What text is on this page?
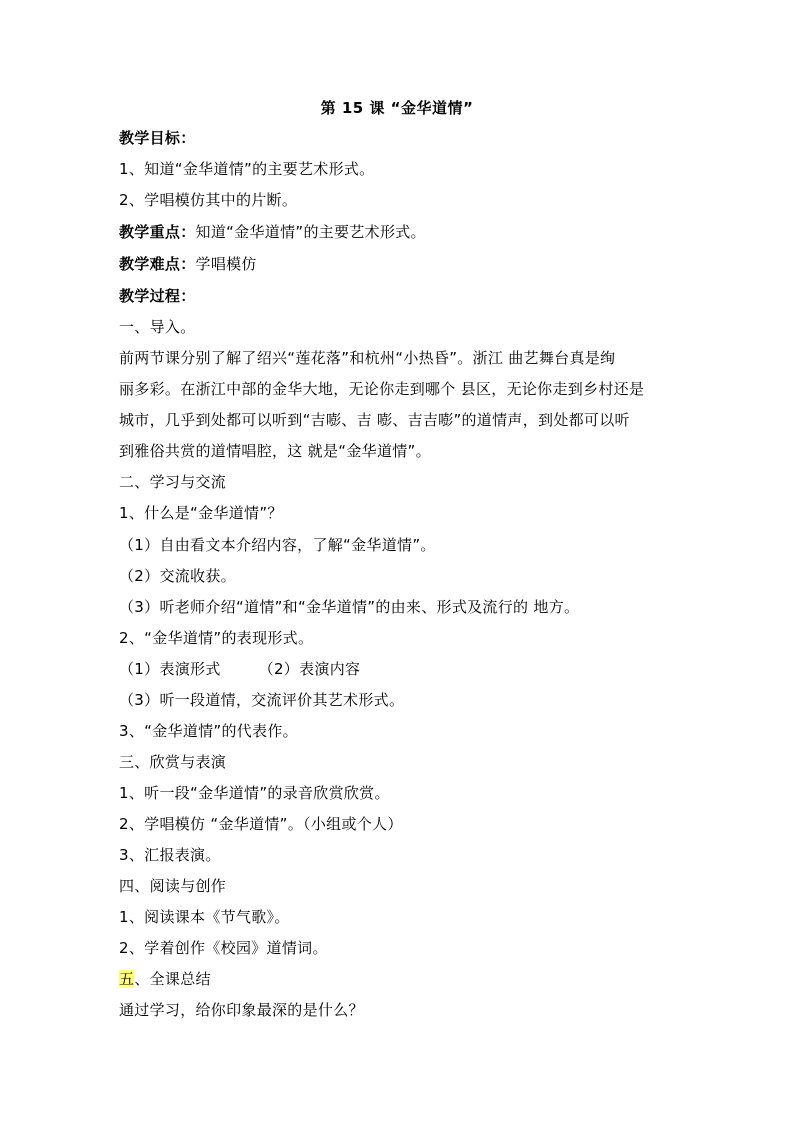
第 15 课 “金华道情”
教学目标：
1、知道“金华道情”的主要艺术形式。
2、学唱模仿其中的片断。
教学重点：知道“金华道情”的主要艺术形式。
教学难点：学唱模仿
教学过程：
一、导入。
前两节课分别了解了绍兴“莲花落”和杭州“小热昏”。浙江 曲艺舞台真是绚
丽多彩。在浙江中部的金华大地，无论你走到哪个 县区，无论你走到乡村还是
城市，几乎到处都可以听到“吉嘭、吉 嘭、吉吉嘭”的道情声，到处都可以听
到雅俗共赏的道情唱腔，这 就是“金华道情”。
二、学习与交流
1、什么是“金华道情”？
（1）自由看文本介绍内容，了解“金华道情”。
（2）交流收获。
（3）听老师介绍“道情”和“金华道情”的由来、形式及流行的 地方。
2、“金华道情”的表现形式。
（1）表演形式	（2）表演内容
（3）听一段道情，交流评价其艺术形式。
3、“金华道情”的代表作。
三、欣赏与表演
1、听一段“金华道情”的录音欣赏欣赏。
2、学唱模仿 “金华道情”。（小组或个人）
3、汇报表演。
四、阅读与创作
1、阅读课本《节气歌》。
2、学着创作《校园》道情词。
五、全课总结
通过学习，给你印象最深的是什么？
